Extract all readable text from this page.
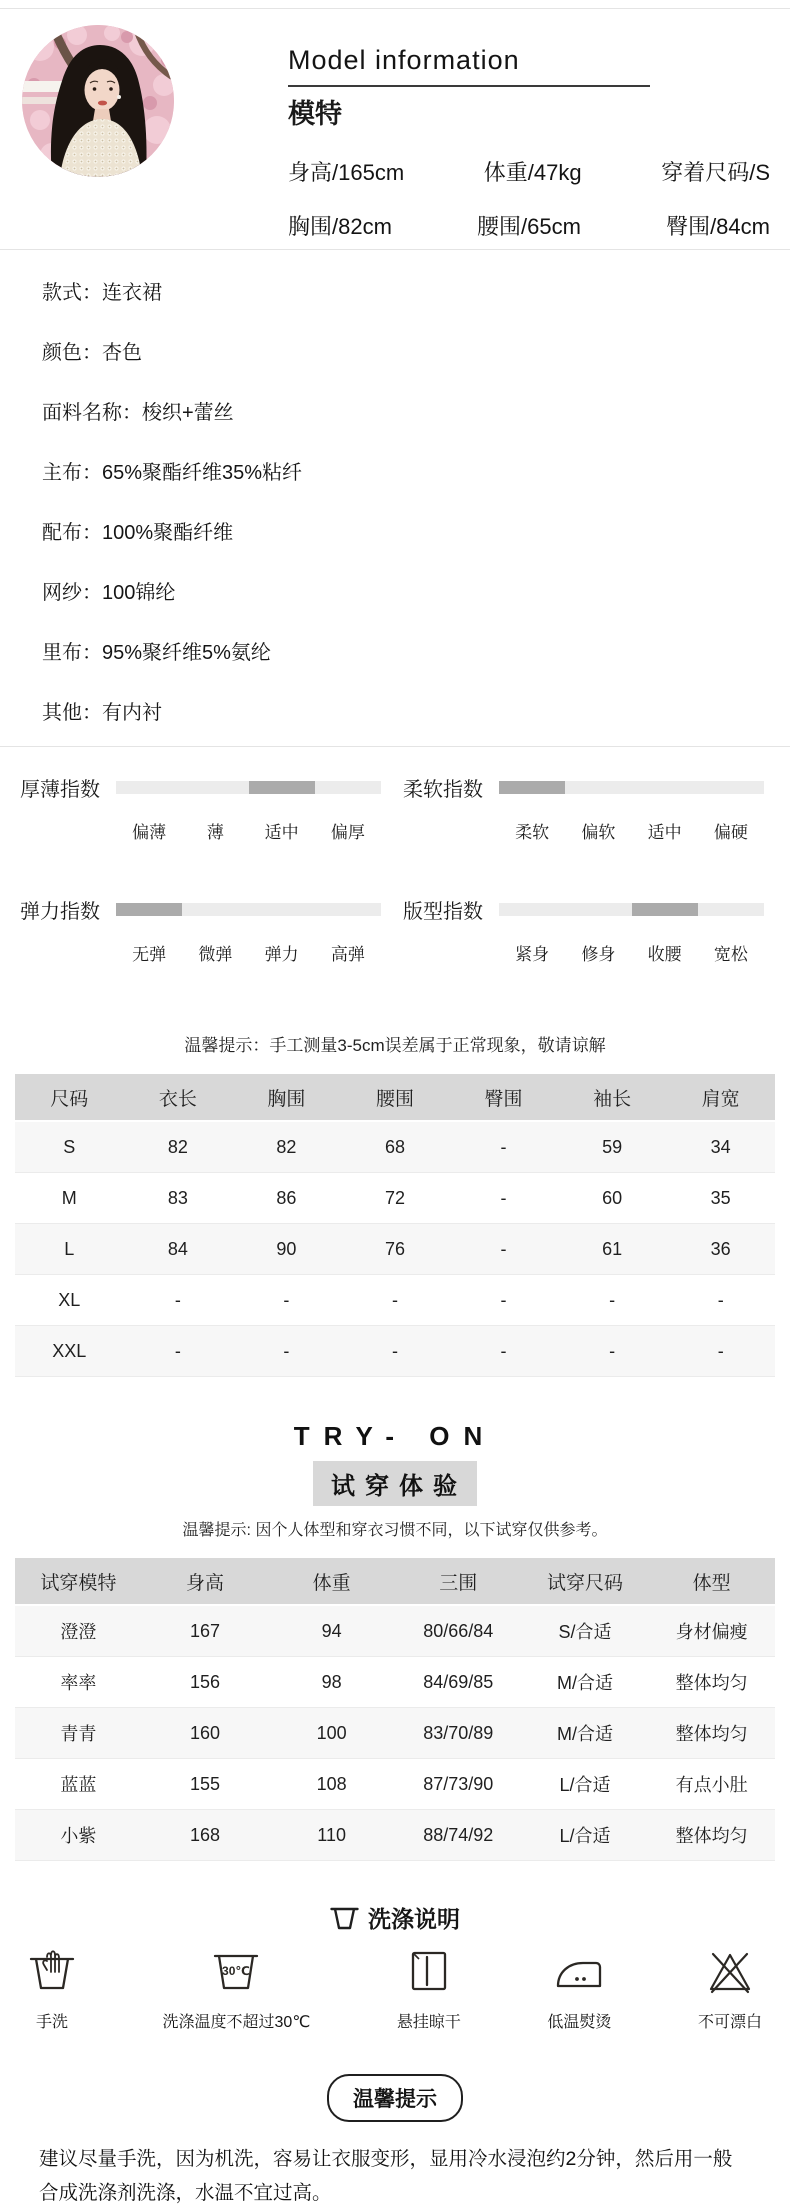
Model information
模特
身高/165cm	体重/47kg	穿着尺码/S
胸围/82cm	腰围/65cm	臀围/84cm
款式：连衣裙
颜色：杏色
面料名称：梭织+蕾丝
主布：65%聚酯纤维35%粘纤
配布：100%聚酯纤维
网纱：100锦纶
里布：95%聚纤维5%氨纶
其他：有内衬
厚薄指数
偏薄	薄	适中	偏厚
柔软指数
柔软	偏软	适中	偏硬
弹力指数
无弹	微弹	弹力	高弹
版型指数
紧身	修身	收腰	宽松
温馨提示：手工测量3-5cm误差属于正常现象，敬请谅解
尺码	衣长	胸围	腰围	臀围	袖长	肩宽
S	82	82	68	-	59	34
M	83	86	72	-	60	35
L	84	90	76	-	61	36
XL	-	-	-	-	-	-
XXL	-	-	-	-	-	-
TRY- ON
试穿体验
温馨提示: 因个人体型和穿衣习惯不同，以下试穿仅供参考。
试穿模特	身高	体重	三围	试穿尺码	体型
澄澄	167	94	80/66/84	S/合适	身材偏瘦
率率	156	98	84/69/85	M/合适	整体均匀
青青	160	100	83/70/89	M/合适	整体均匀
蓝蓝	155	108	87/73/90	L/合适	有点小肚
小紫	168	110	88/74/92	L/合适	整体均匀
洗涤说明
手洗
30℃
洗涤温度不超过30℃	悬挂晾干	低温熨烫	不可漂白
温馨提示
建议尽量手洗，因为机洗，容易让衣服变形，显用冷水浸泡约2分钟，然后用一般合成洗涤剂洗涤，水温不宜过高。
